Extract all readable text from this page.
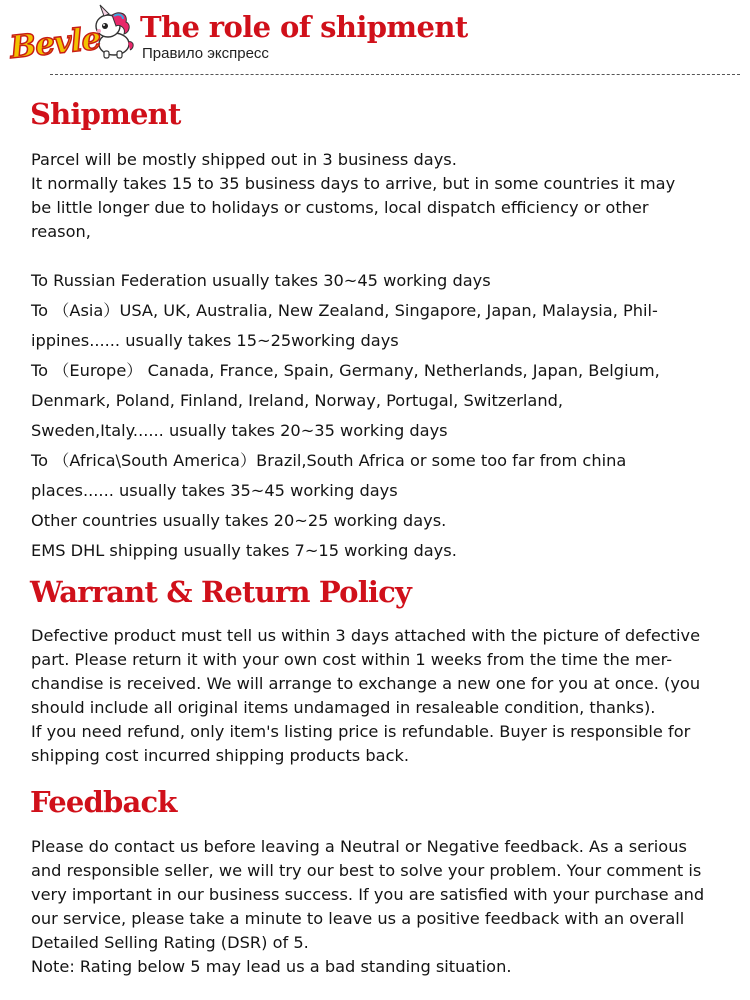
Bevle The role of shipment
Правило экспресс
Shipment
Parcel will be mostly shipped out in 3 business days.
It normally takes 15 to 35 business days to arrive, but in some countries it may
be little longer due to holidays or customs, local dispatch efficiency or other
reason,
To Russian Federation usually takes 30~45 working days
To （Asia）USA, UK, Australia, New Zealand, Singapore, Japan, Malaysia, Phil-
ippines...... usually takes 15~25working days
To （Europe） Canada, France, Spain, Germany, Netherlands, Japan, Belgium,
Denmark, Poland, Finland, Ireland, Norway, Portugal, Switzerland,
Sweden,Italy...... usually takes 20~35 working days
To （Africa\South America）Brazil,South Africa or some too far from china
places...... usually takes 35~45 working days
Other countries usually takes 20~25 working days.
EMS DHL shipping usually takes 7~15 working days.
Warrant & Return Policy
Defective product must tell us within 3 days attached with the picture of defective
part. Please return it with your own cost within 1 weeks from the time the mer-
chandise is received. We will arrange to exchange a new one for you at once. (you
should include all original items undamaged in resaleable condition, thanks).
If you need refund, only item's listing price is refundable. Buyer is responsible for
shipping cost incurred shipping products back.
Feedback
Please do contact us before leaving a Neutral or Negative feedback. As a serious
and responsible seller, we will try our best to solve your problem. Your comment is
very important in our business success. If you are satisfied with your purchase and
our service, please take a minute to leave us a positive feedback with an overall
Detailed Selling Rating (DSR) of 5.
Note: Rating below 5 may lead us a bad standing situation.
